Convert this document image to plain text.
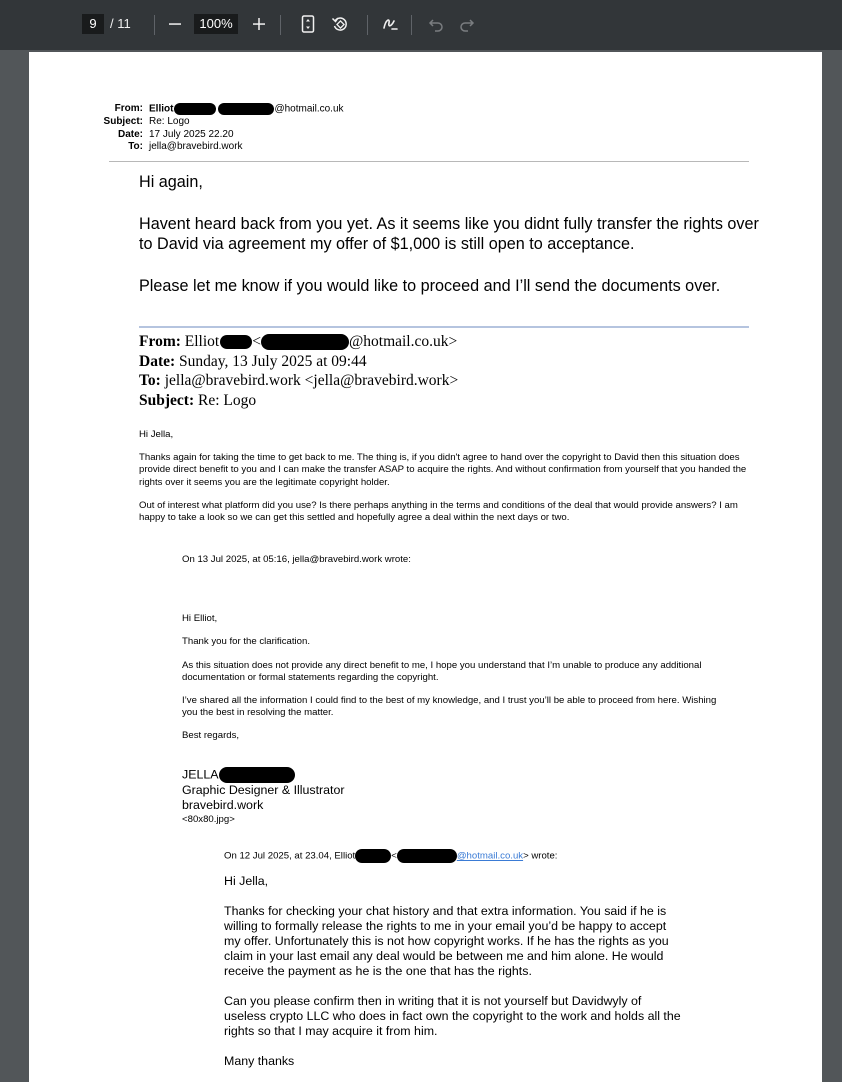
9	/ 11	100%
From: Elliot	@hotmail.co.uk
Subject: Re: Logo
Date: 17 July 2025 22.20
To: jella@bravebird.work

Hi again,

Havent heard back from you yet. As it seems like you didnt fully transfer the rights over to David via agreement my offer of $1,000 is still open to acceptance.

Please let me know if you would like to proceed and I’ll send the documents over.

From: Elliot <	@hotmail.co.uk>
Date: Sunday, 13 July 2025 at 09:44
To: jella@bravebird.work <jella@bravebird.work>
Subject: Re: Logo

Hi Jella,

Thanks again for taking the time to get back to me. The thing is, if you didn't agree to hand over the copyright to David then this situation does provide direct benefit to you and I can make the transfer ASAP to acquire the rights. And without confirmation from yourself that you handed the rights over it seems you are the legitimate copyright holder.

Out of interest what platform did you use? Is there perhaps anything in the terms and conditions of the deal that would provide answers? I am happy to take a look so we can get this settled and hopefully agree a deal within the next days or two.

On 13 Jul 2025, at 05:16, jella@bravebird.work wrote:

Hi Elliot,

Thank you for the clarification.

As this situation does not provide any direct benefit to me, I hope you understand that I’m unable to produce any additional documentation or formal statements regarding the copyright.

I’ve shared all the information I could find to the best of my knowledge, and I trust you’ll be able to proceed from here. Wishing you the best in resolving the matter.

Best regards,

JELLA
Graphic Designer & Illustrator
bravebird.work
<80x80.jpg>
On 12 Jul 2025, at 23.04, Elliot	<	@hotmail.co.uk> wrote:

Hi Jella,

Thanks for checking your chat history and that extra information. You said if he is willing to formally release the rights to me in your email you’d be happy to accept my offer. Unfortunately this is not how copyright works. If he has the rights as you claim in your last email any deal would be between me and him alone. He would receive the payment as he is the one that has the rights.

Can you please confirm then in writing that it is not yourself but Davidwyly of useless crypto LLC who does in fact own the copyright to the work and holds all the rights so that I may acquire it from him.

Many thanks
